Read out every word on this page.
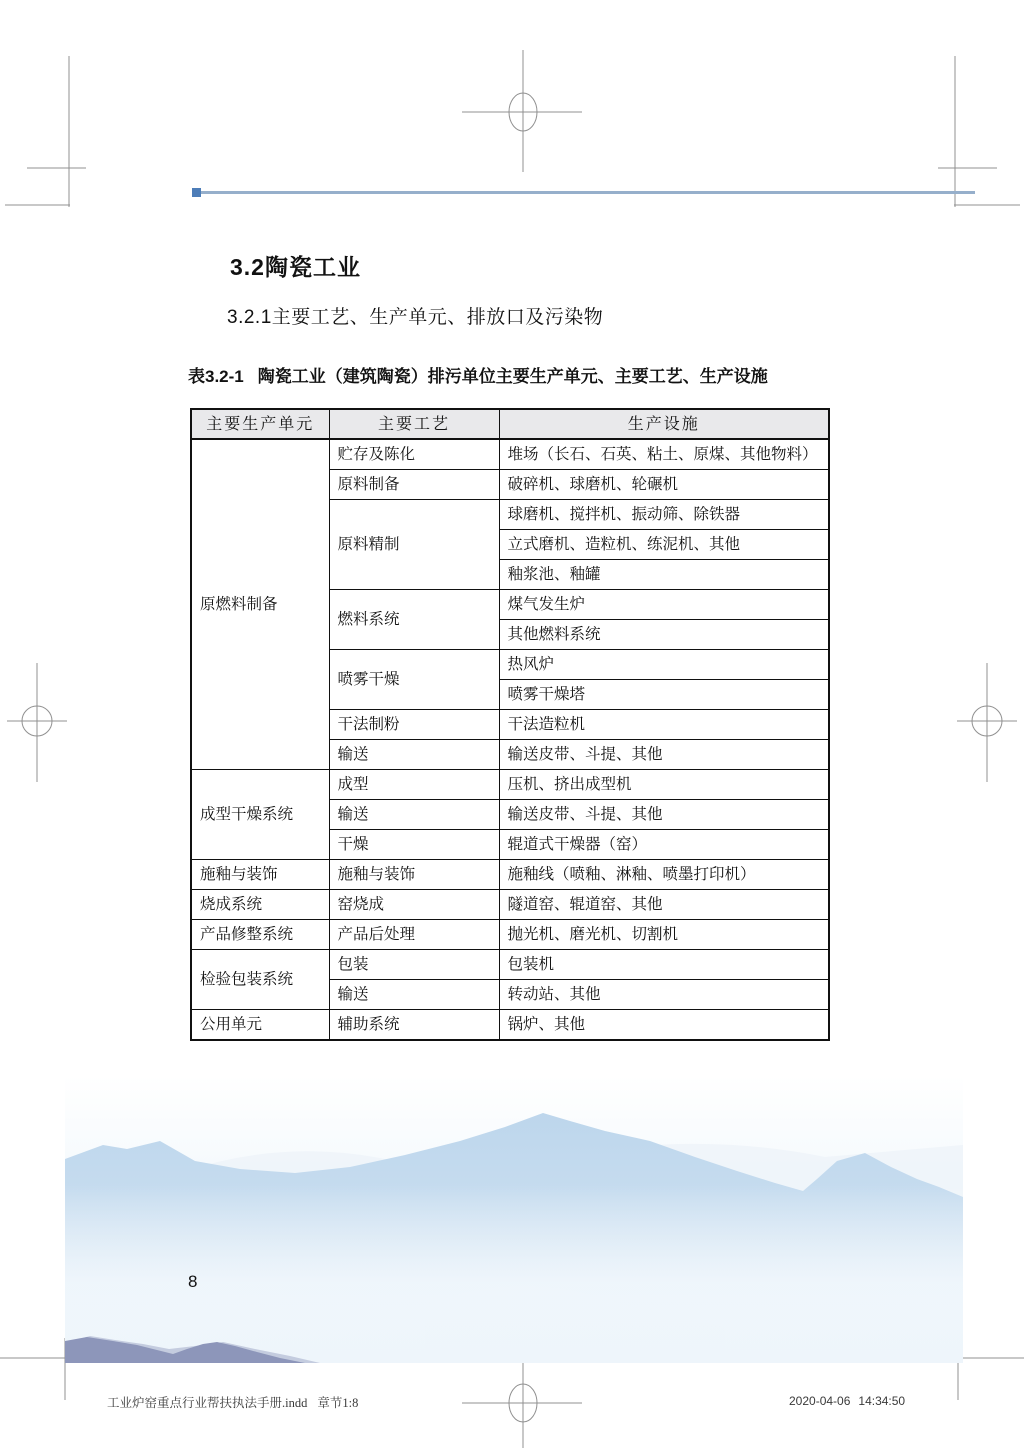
3.2陶瓷工业
3.2.1主要工艺、生产单元、排放口及污染物

表3.2-1 陶瓷工业（建筑陶瓷）排污单位主要生产单元、主要工艺、生产设施

主要生产单元	主要工艺	生产设施
原燃料制备	贮存及陈化	堆场（长石、石英、粘土、原煤、其他物料）
	原料制备	破碎机、球磨机、轮碾机
	原料精制	球磨机、搅拌机、振动筛、除铁器
		立式磨机、造粒机、练泥机、其他
		釉浆池、釉罐
	燃料系统	煤气发生炉
		其他燃料系统
	喷雾干燥	热风炉
		喷雾干燥塔
	干法制粉	干法造粒机
	输送	输送皮带、斗提、其他
成型干燥系统	成型	压机、挤出成型机
	输送	输送皮带、斗提、其他
	干燥	辊道式干燥器（窑）
施釉与装饰	施釉与装饰	施釉线（喷釉、淋釉、喷墨打印机）
烧成系统	窑烧成	隧道窑、辊道窑、其他
产品修整系统	产品后处理	抛光机、磨光机、切割机
检验包装系统	包装	包装机
	输送	转动站、其他
公用单元	辅助系统	锅炉、其他
8
工业炉窑重点行业帮扶执法手册.indd 章节1:8	2020-04-06 14:34:50
